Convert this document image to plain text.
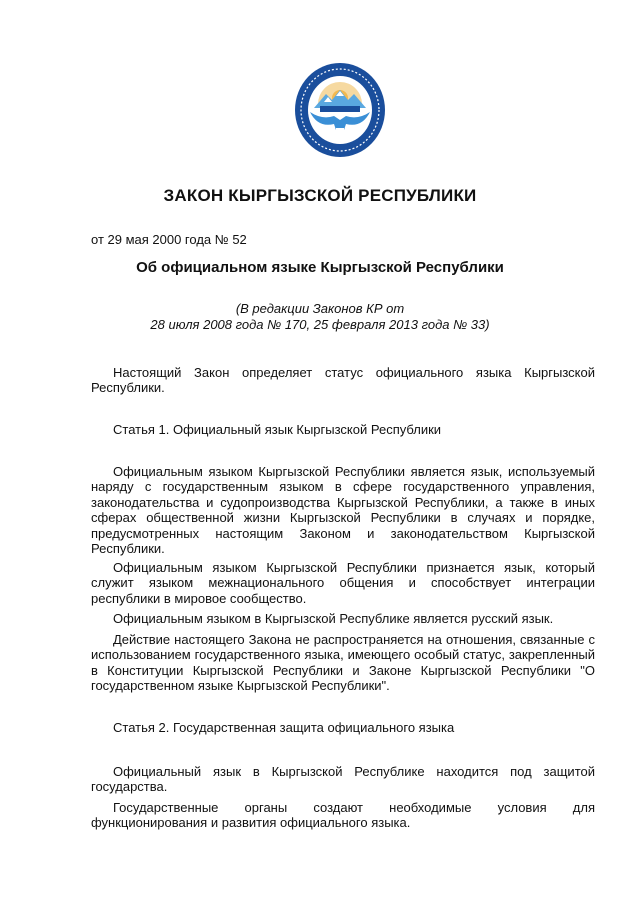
ЗАКОН КЫРГЫЗСКОЙ РЕСПУБЛИКИ
от 29 мая 2000 года № 52
Об официальном языке Кыргызской Республики
(В редакции Законов КР от
28 июля 2008 года № 170, 25 февраля 2013 года № 33)
Настоящий Закон определяет статус официального языка Кыргызской Республики.
Статья 1. Официальный язык Кыргызской Республики
Официальным языком Кыргызской Республики является язык, используемый наряду с государственным языком в сфере государственного управления, законодательства и судопроизводства Кыргызской Республики, а также в иных сферах общественной жизни Кыргызской Республики в случаях и порядке, предусмотренных настоящим Законом и законодательством Кыргызской Республики.
Официальным языком Кыргызской Республики признается язык, который служит языком межнационального общения и способствует интеграции республики в мировое сообщество.
Официальным языком в Кыргызской Республике является русский язык.
Действие настоящего Закона не распространяется на отношения, связанные с использованием государственного языка, имеющего особый статус, закрепленный в Конституции Кыргызской Республики и Законе Кыргызской Республики "О государственном языке Кыргызской Республики".
Статья 2. Государственная защита официального языка
Официальный язык в Кыргызской Республике находится под защитой государства.
Государственные органы создают необходимые условия для функционирования и развития официального языка.
